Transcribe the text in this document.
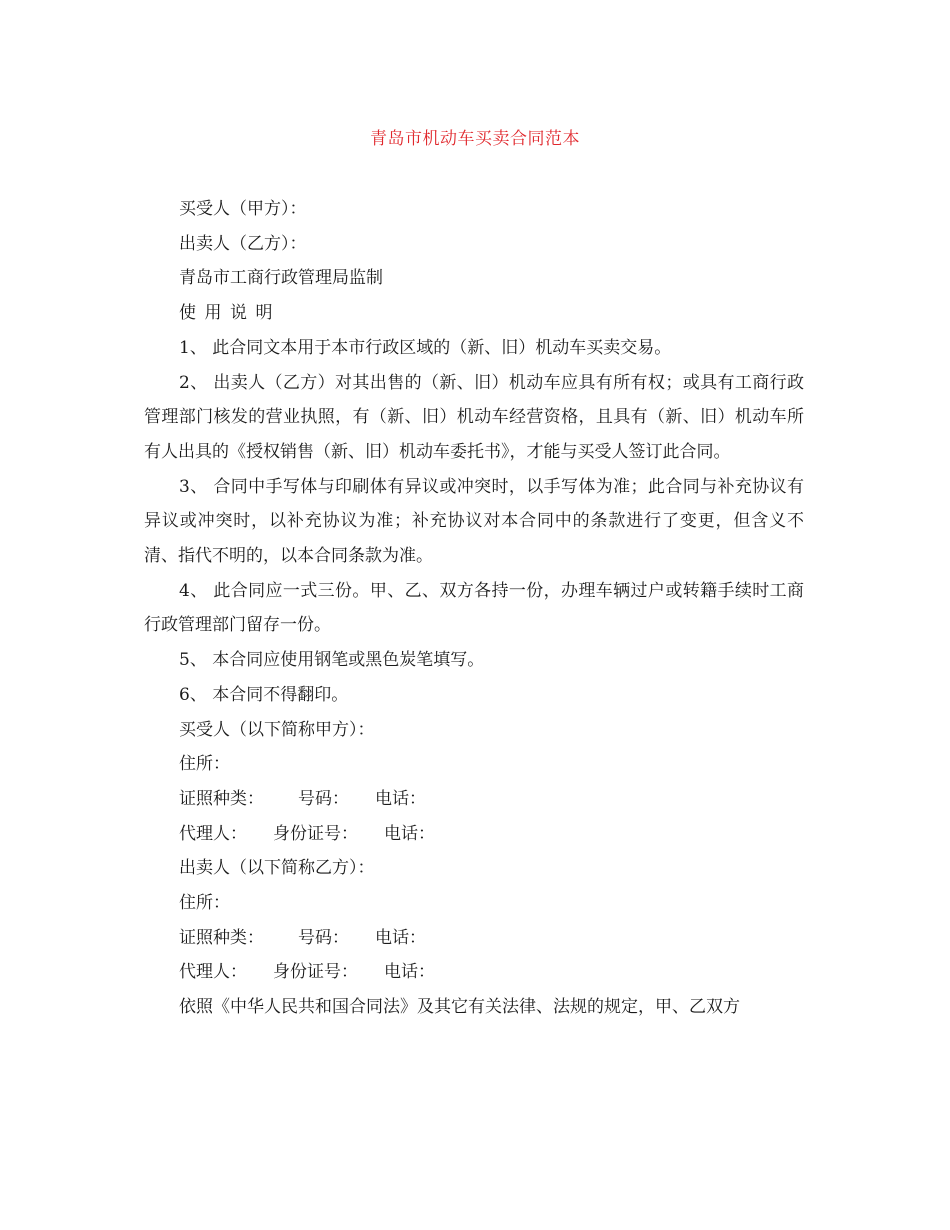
青岛市机动车买卖合同范本

买受人（甲方）：

出卖人（乙方）：

青岛市工商行政管理局监制

使用说明

1、 此合同文本用于本市行政区域的（新、旧）机动车买卖交易。

2、 出卖人（乙方）对其出售的（新、旧）机动车应具有所有权；或具有工商行政管理部门核发的营业执照，有（新、旧）机动车经营资格，且具有（新、旧）机动车所有人出具的《授权销售（新、旧）机动车委托书》，才能与买受人签订此合同。

3、 合同中手写体与印刷体有异议或冲突时，以手写体为准；此合同与补充协议有异议或冲突时，以补充协议为准；补充协议对本合同中的条款进行了变更，但含义不清、指代不明的，以本合同条款为准。

4、 此合同应一式三份。甲、乙、双方各持一份，办理车辆过户或转籍手续时工商行政管理部门留存一份。

5、 本合同应使用钢笔或黑色炭笔填写。

6、 本合同不得翻印。

买受人（以下简称甲方）：

住所：

证照种类： 号码： 电话：

代理人： 身份证号： 电话：

出卖人（以下简称乙方）：

住所：

证照种类： 号码： 电话：

代理人： 身份证号： 电话：

依照《中华人民共和国合同法》及其它有关法律、法规的规定，甲、乙双方
